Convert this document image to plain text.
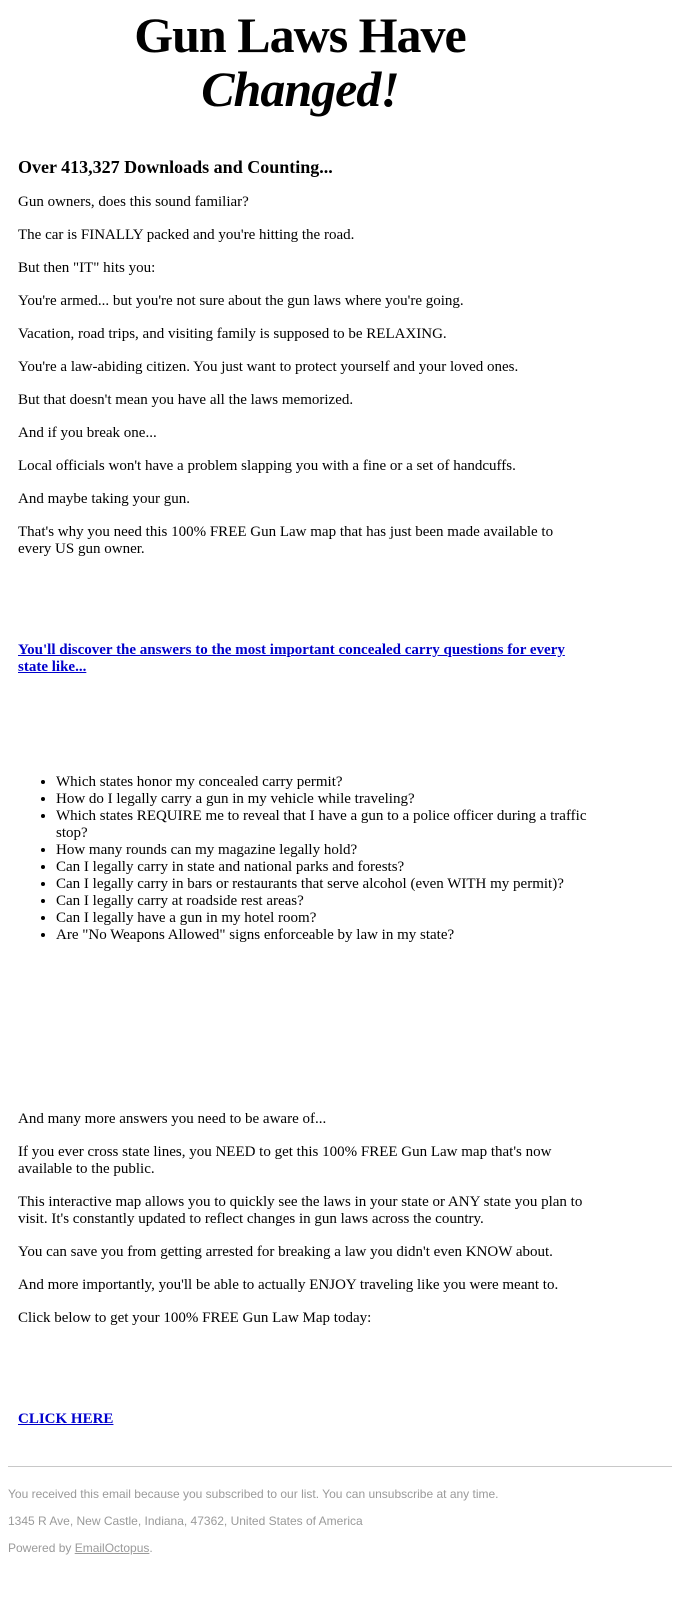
Gun Laws Have
Changed!
Over 413,327 Downloads and Counting...

Gun owners, does this sound familiar?

The car is FINALLY packed and you're hitting the road.

But then "IT" hits you:

You're armed... but you're not sure about the gun laws where you're going.

Vacation, road trips, and visiting family is supposed to be RELAXING.

You're a law-abiding citizen. You just want to protect yourself and your loved ones.

But that doesn't mean you have all the laws memorized.

And if you break one...

Local officials won't have a problem slapping you with a fine or a set of handcuffs.

And maybe taking your gun.

That's why you need this 100% FREE Gun Law map that has just been made available to every US gun owner.

You'll discover the answers to the most important concealed carry questions for every state like...

• Which states honor my concealed carry permit?
• How do I legally carry a gun in my vehicle while traveling?
• Which states REQUIRE me to reveal that I have a gun to a police officer during a traffic stop?
• How many rounds can my magazine legally hold?
• Can I legally carry in state and national parks and forests?
• Can I legally carry in bars or restaurants that serve alcohol (even WITH my permit)?
• Can I legally carry at roadside rest areas?
• Can I legally have a gun in my hotel room?
• Are "No Weapons Allowed" signs enforceable by law in my state?

And many more answers you need to be aware of...

If you ever cross state lines, you NEED to get this 100% FREE Gun Law map that's now available to the public.

This interactive map allows you to quickly see the laws in your state or ANY state you plan to visit. It's constantly updated to reflect changes in gun laws across the country.

You can save you from getting arrested for breaking a law you didn't even KNOW about.

And more importantly, you'll be able to actually ENJOY traveling like you were meant to.

Click below to get your 100% FREE Gun Law Map today:

CLICK HERE

You received this email because you subscribed to our list. You can unsubscribe at any time.

1345 R Ave, New Castle, Indiana, 47362, United States of America

Powered by EmailOctopus.
